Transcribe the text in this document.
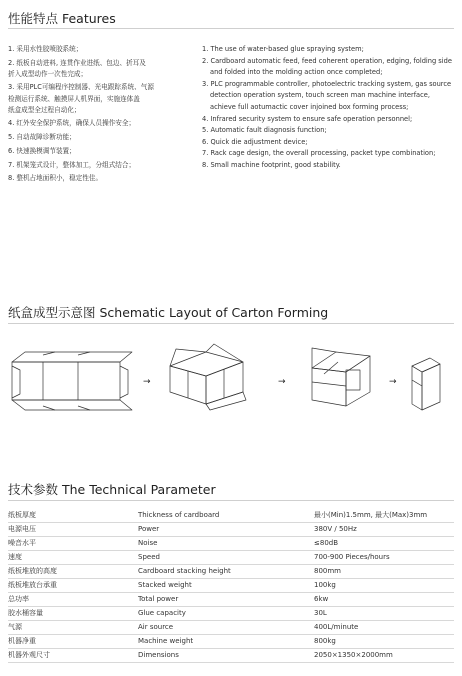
性能特点 Features
1. 采用水性胶喷胶系统；
2. 纸板自动进料, 连贯作业进纸、包边、折耳及
折入成型动作一次性完成；
3. 采用PLC可编程序控制器、光电跟踪系统、气源
检测运行系统、触摸屏人机界面，实施连体盖
纸盒成型全过程自动化；
4. 红外安全保护系统，确保人员操作安全；
5. 自动故障诊断功能；
6. 快速换模调节装置；
7. 机架笼式设计，整体加工，分组式结合；
8. 整机占地面积小，稳定性佳。
1. The use of water-based glue spraying system;
2. Cardboard automatic feed, feed coherent operation, edging, folding side and folded into the molding action once completed;
3. PLC programmable controller, photoelectric tracking system, gas source detection operation system, touch screen man machine interface, achieve full aotumactic cover injoined box forming process;
4. Infrared security system to ensure safe operation personnel;
5. Automatic fault diagnosis function;
6. Quick die adjustment device;
7. Rack cage design, the overall processing, packet type combination;
8. Small machine footprint, good stability.
纸盒成型示意图 Schematic Layout of Carton Forming
→	→	→
技术参数 The Technical Parameter
纸板厚度	Thickness of cardboard	最小(Min)1.5mm, 最大(Max)3mm
电源电压	Power	380V / 50Hz
噪音水平	Noise	≤80dB
速度	Speed	700-900 Pieces/hours
纸板堆放的高度	Cardboard stacking height	800mm
纸板堆放台承重	Stacked weight	100kg
总功率	Total power	6kw
胶水桶容量	Glue capacity	30L
气源	Air source	400L/minute
机器净重	Machine weight	800kg
机器外观尺寸	Dimensions	2050×1350×2000mm
